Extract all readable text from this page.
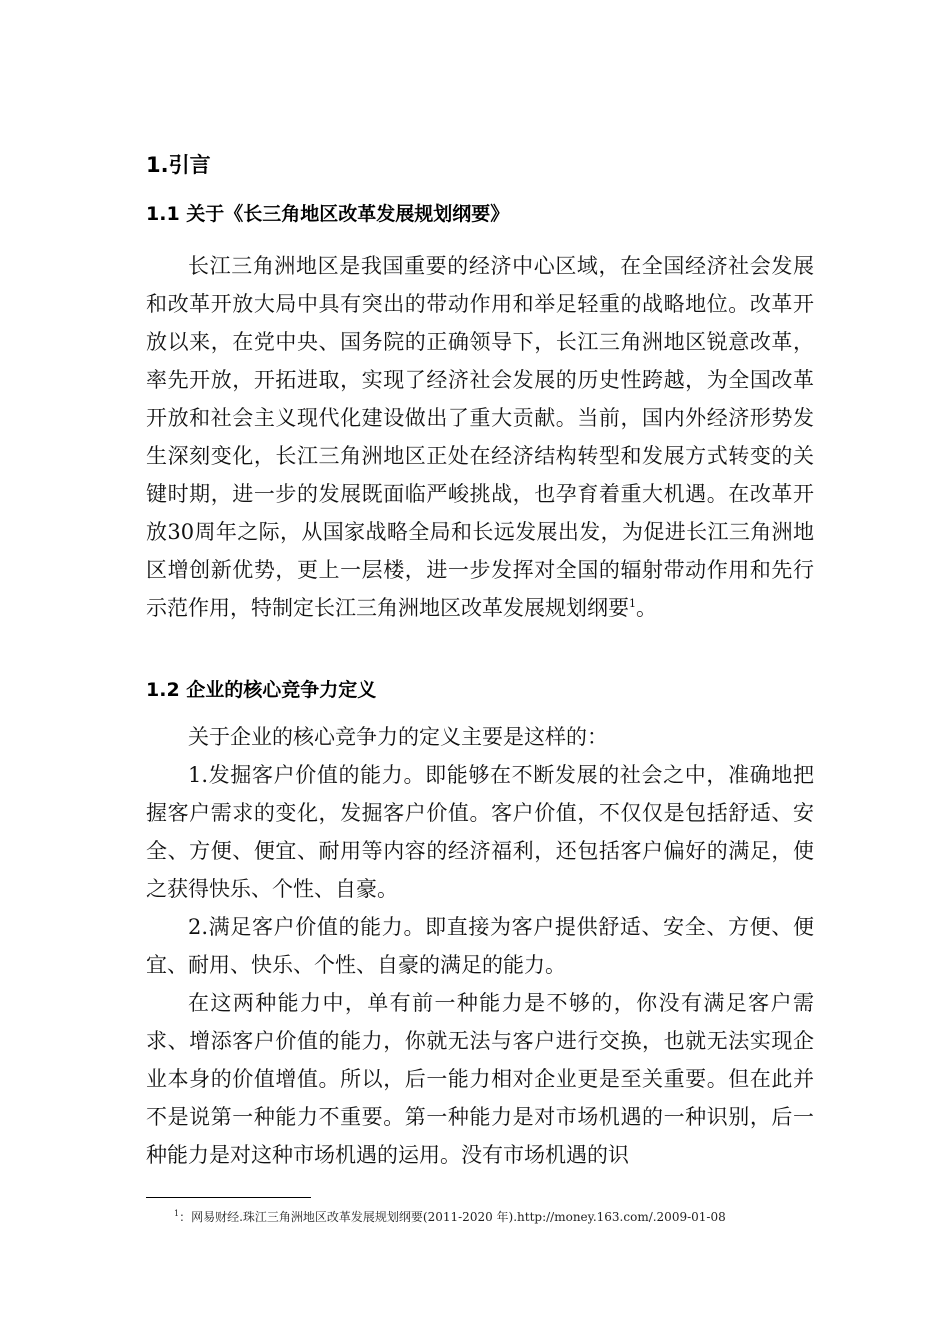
1.引言
1.1 关于《长三角地区改革发展规划纲要》

长江三角洲地区是我国重要的经济中心区域，在全国经济社会发展和改革开放大局中具有突出的带动作用和举足轻重的战略地位。改革开放以来，在党中央、国务院的正确领导下，长江三角洲地区锐意改革，率先开放，开拓进取，实现了经济社会发展的历史性跨越，为全国改革开放和社会主义现代化建设做出了重大贡献。当前，国内外经济形势发生深刻变化，长江三角洲地区正处在经济结构转型和发展方式转变的关键时期，进一步的发展既面临严峻挑战，也孕育着重大机遇。在改革开放30周年之际，从国家战略全局和长远发展出发，为促进长江三角洲地区增创新优势，更上一层楼，进一步发挥对全国的辐射带动作用和先行示范作用，特制定长江三角洲地区改革发展规划纲要$^1$。

1.2 企业的核心竞争力定义

关于企业的核心竞争力的定义主要是这样的：

1.发掘客户价值的能力。即能够在不断发展的社会之中，准确地把握客户需求的变化，发掘客户价值。客户价值，不仅仅是包括舒适、安全、方便、便宜、耐用等内容的经济福利，还包括客户偏好的满足，使之获得快乐、个性、自豪。

2.满足客户价值的能力。即直接为客户提供舒适、安全、方便、便宜、耐用、快乐、个性、自豪的满足的能力。

在这两种能力中，单有前一种能力是不够的，你没有满足客户需求、增添客户价值的能力，你就无法与客户进行交换，也就无法实现企业本身的价值增值。所以，后一能力相对企业更是至关重要。但在此并不是说第一种能力不重要。第一种能力是对市场机遇的一种识别，后一种能力是对这种市场机遇的运用。没有市场机遇的识

$^1$：网易财经.珠江三角洲地区改革发展规划纲要(2011-2020 年).http://money.163.com/.2009-01-08
